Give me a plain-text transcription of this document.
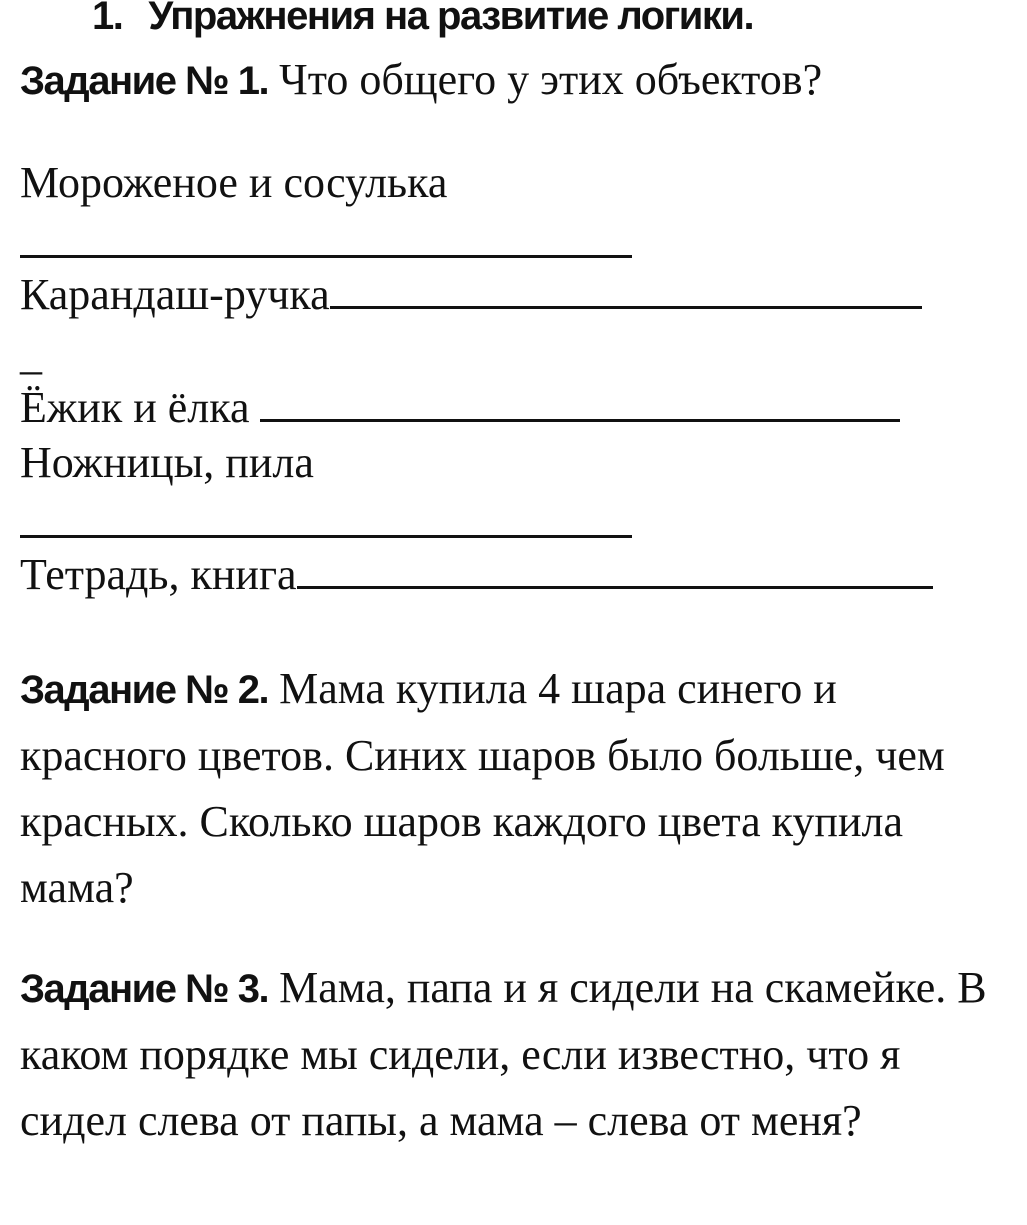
1. Упражнения на развитие логики.

Задание № 1. Что общего у этих объектов?

Мороженое и сосулька

Карандаш-ручка

_

Ёжик и ёлка

Ножницы, пила

Тетрадь, книга

Задание № 2. Мама купила 4 шара синего и красного цветов. Синих шаров было больше, чем красных. Сколько шаров каждого цвета купила мама?

Задание № 3. Мама, папа и я сидели на скамейке. В каком порядке мы сидели, если известно, что я сидел слева от папы, а мама – слева от меня?
